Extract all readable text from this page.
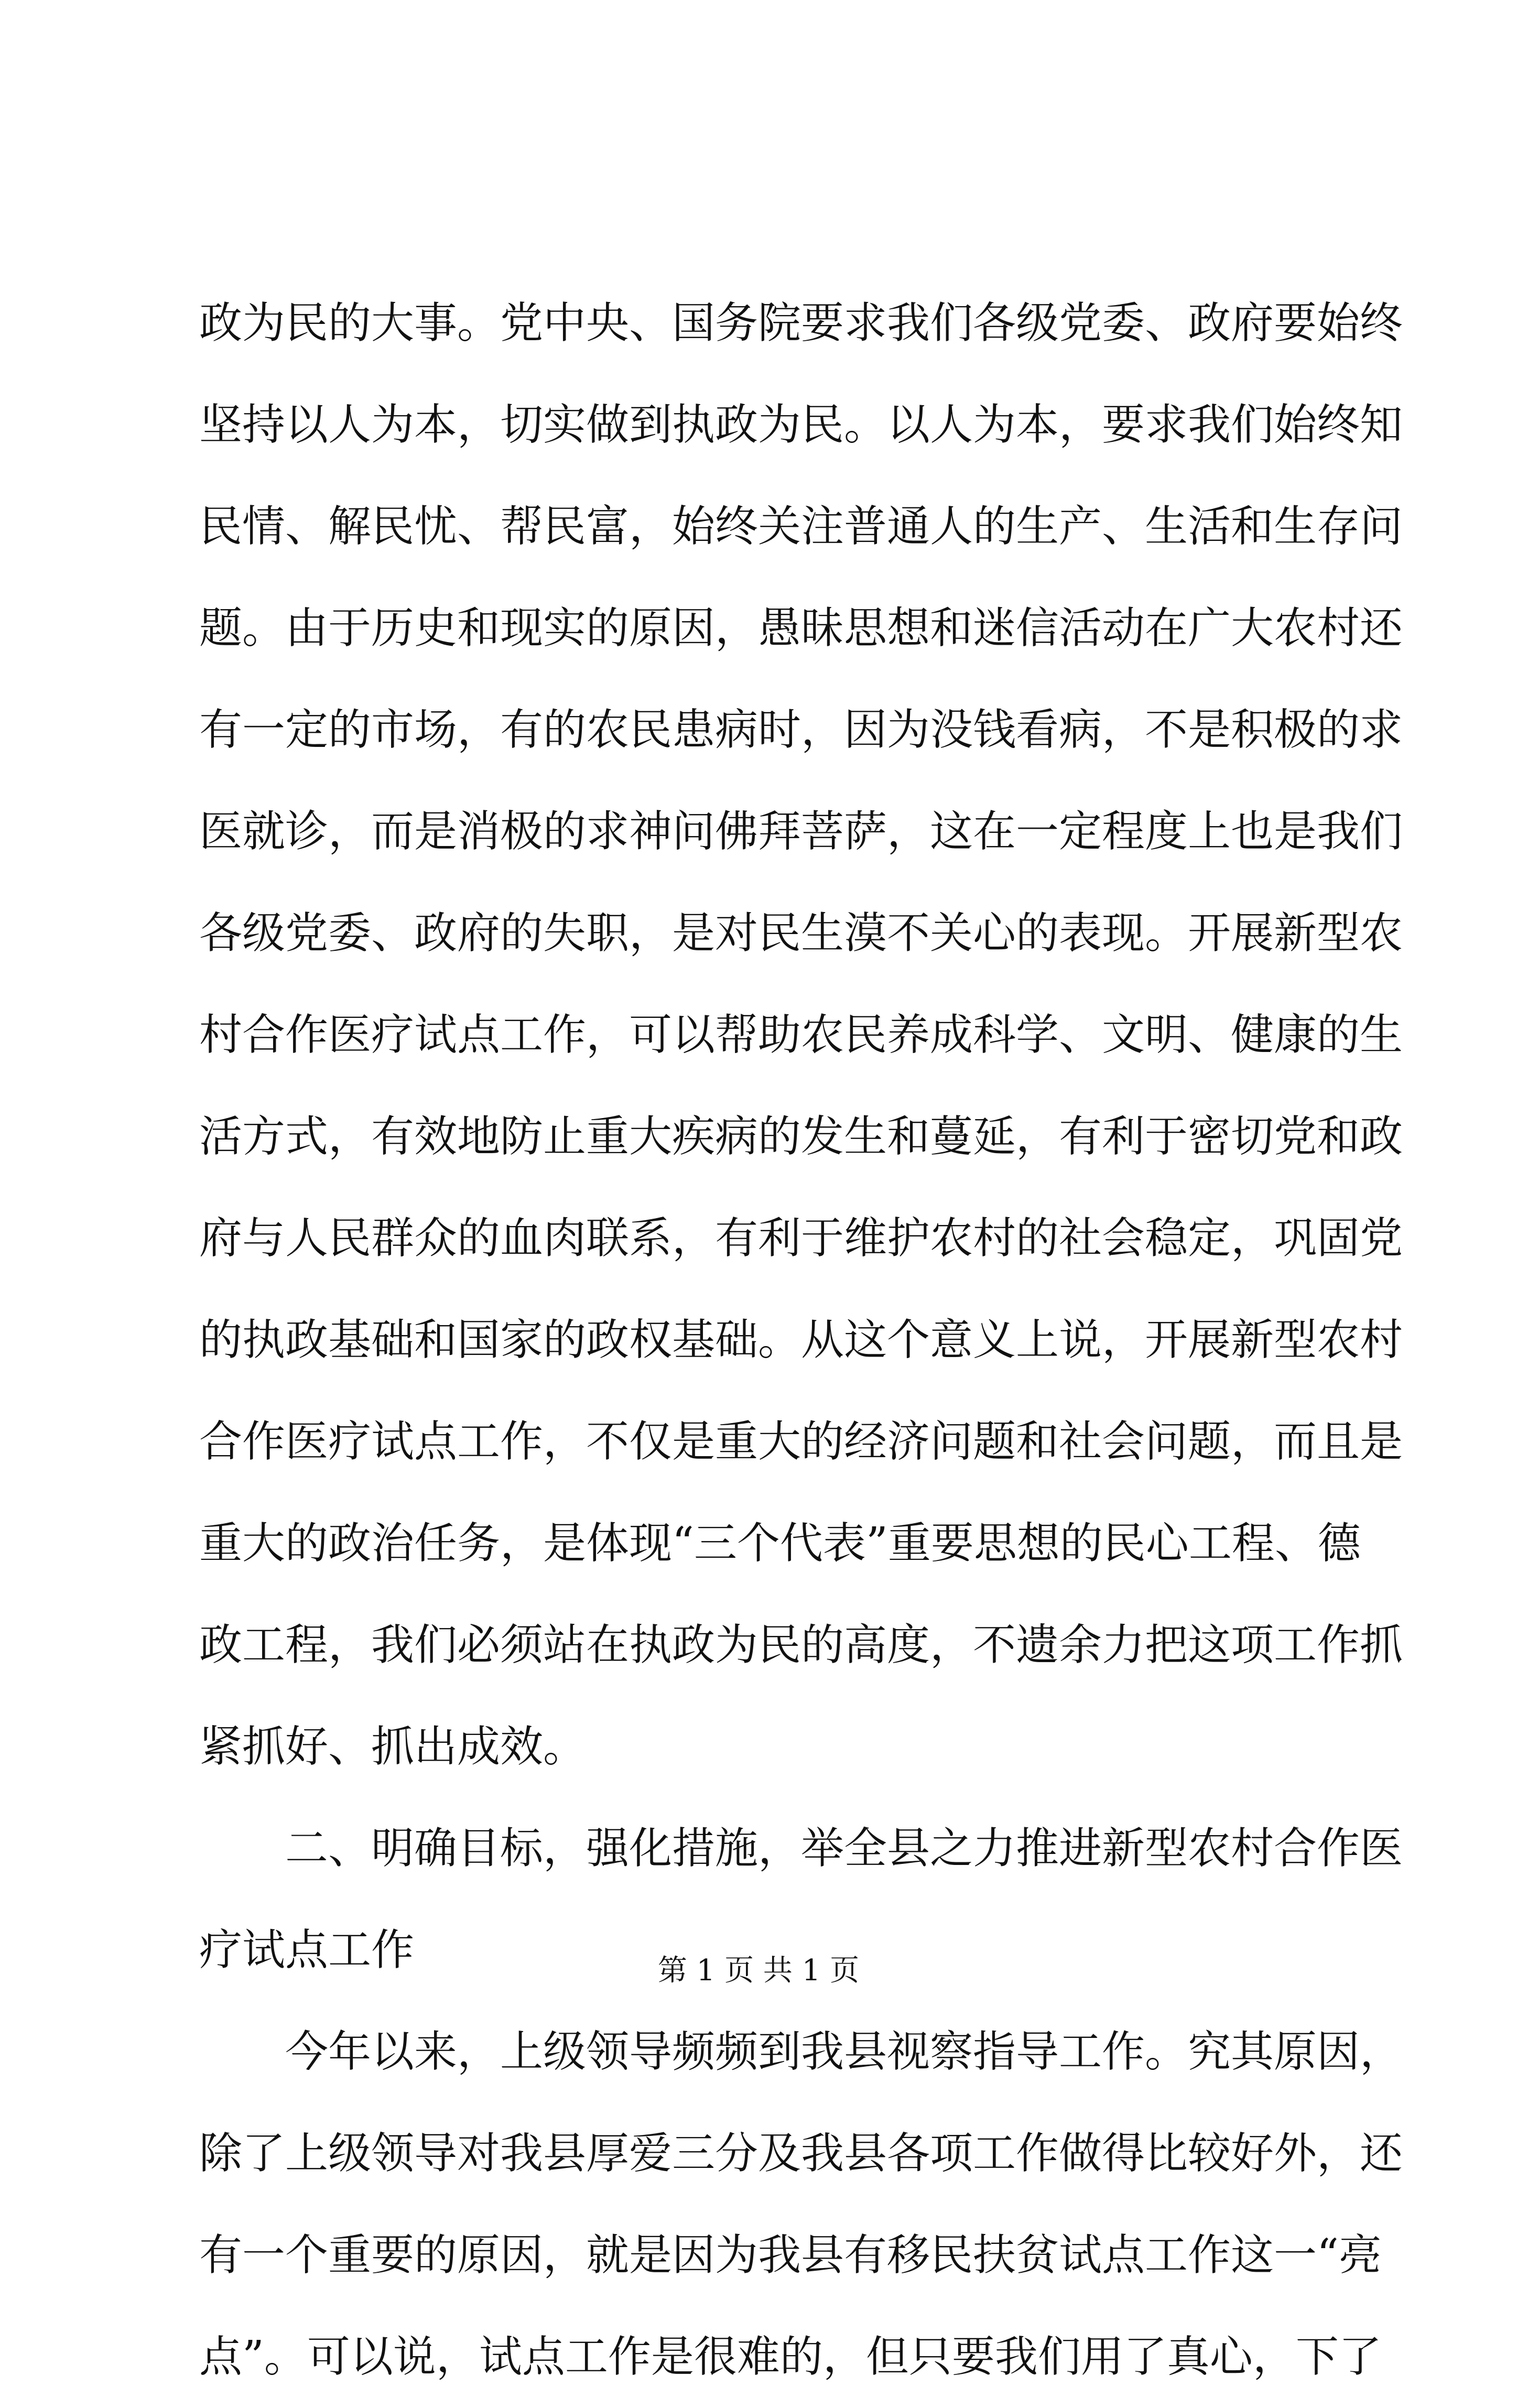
政为民的大事。党中央、国务院要求我们各级党委、政府要始终
坚持以人为本，切实做到执政为民。以人为本，要求我们始终知
民情、解民忧、帮民富，始终关注普通人的生产、生活和生存问
题。由于历史和现实的原因，愚昧思想和迷信活动在广大农村还
有一定的市场，有的农民患病时，因为没钱看病，不是积极的求
医就诊，而是消极的求神问佛拜菩萨，这在一定程度上也是我们
各级党委、政府的失职，是对民生漠不关心的表现。开展新型农
村合作医疗试点工作，可以帮助农民养成科学、文明、健康的生
活方式，有效地防止重大疾病的发生和蔓延，有利于密切党和政
府与人民群众的血肉联系，有利于维护农村的社会稳定，巩固党
的执政基础和国家的政权基础。从这个意义上说，开展新型农村
合作医疗试点工作，不仅是重大的经济问题和社会问题，而且是
重大的政治任务，是体现“三个代表”重要思想的民心工程、德
政工程，我们必须站在执政为民的高度，不遗余力把这项工作抓
紧抓好、抓出成效。
二、明确目标，强化措施，举全县之力推进新型农村合作医
疗试点工作
今年以来，上级领导频频到我县视察指导工作。究其原因，
除了上级领导对我县厚爱三分及我县各项工作做得比较好外，还
有一个重要的原因，就是因为我县有移民扶贫试点工作这一“亮
点”。可以说，试点工作是很难的，但只要我们用了真心，下了
第 1 页 共 1 页
